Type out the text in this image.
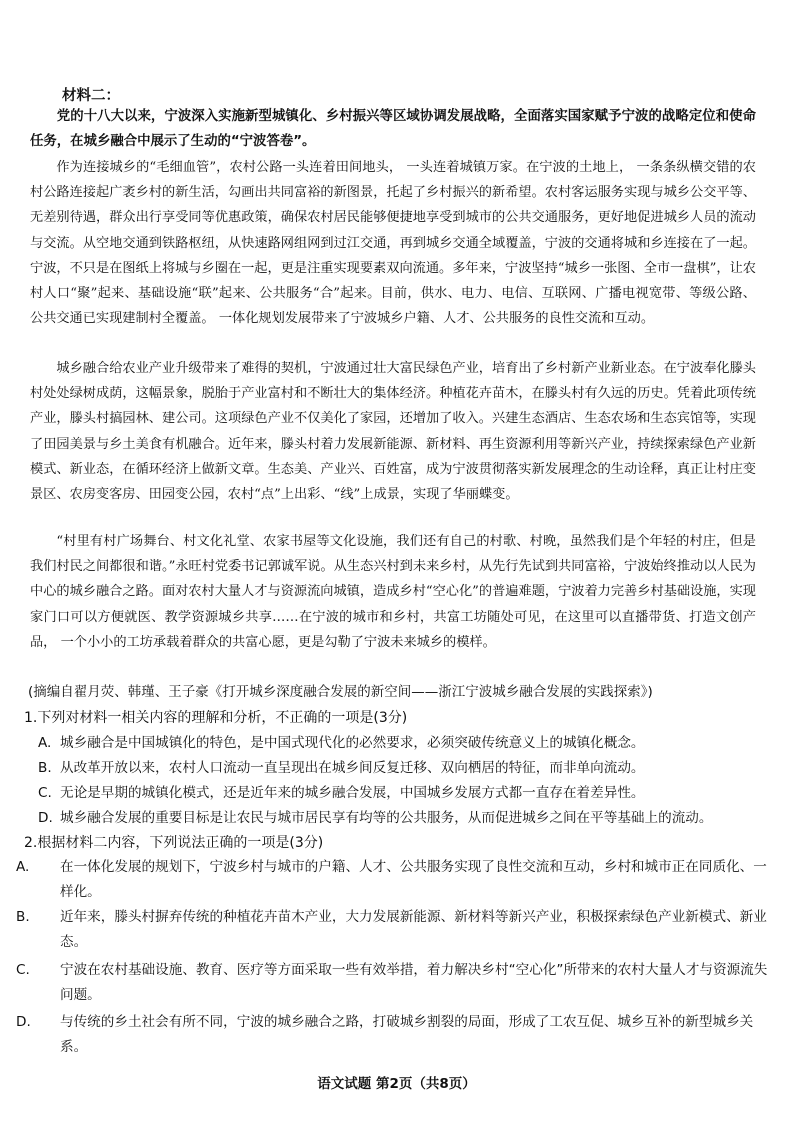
材料二：

党的十八大以来，宁波深入实施新型城镇化、乡村振兴等区域协调发展战略，全面落实国家赋予宁波的战略定位和使命任务，在城乡融合中展示了生动的“宁波答卷”。

作为连接城乡的“毛细血管”，农村公路一头连着田间地头， 一头连着城镇万家。在宁波的土地上， 一条条纵横交错的农村公路连接起广袤乡村的新生活，勾画出共同富裕的新图景，托起了乡村振兴的新希望。农村客运服务实现与城乡公交平等、无差别待遇，群众出行享受同等优惠政策，确保农村居民能够便捷地享受到城市的公共交通服务，更好地促进城乡人员的流动与交流。从空地交通到铁路枢纽，从快速路网组网到过江交通，再到城乡交通全域覆盖，宁波的交通将城和乡连接在了一起。宁波，不只是在图纸上将城与乡圈在一起，更是注重实现要素双向流通。多年来，宁波坚持“城乡一张图、全市一盘棋”，让农村人口“聚”起来、基础设施“联”起来、公共服务“合”起来。目前，供水、电力、电信、互联网、广播电视宽带、等级公路、公共交通已实现建制村全覆盖。 一体化规划发展带来了宁波城乡户籍、人才、公共服务的良性交流和互动。

城乡融合给农业产业升级带来了难得的契机，宁波通过壮大富民绿色产业，培育出了乡村新产业新业态。在宁波奉化滕头村处处绿树成荫，这幅景象，脱胎于产业富村和不断壮大的集体经济。种植花卉苗木，在滕头村有久远的历史。凭着此项传统产业，滕头村搞园林、建公司。这项绿色产业不仅美化了家园，还增加了收入。兴建生态酒店、生态农场和生态宾馆等，实现了田园美景与乡土美食有机融合。近年来，滕头村着力发展新能源、新材料、再生资源利用等新兴产业，持续探索绿色产业新模式、新业态，在循环经济上做新文章。生态美、产业兴、百姓富，成为宁波贯彻落实新发展理念的生动诠释，真正让村庄变景区、农房变客房、田园变公园，农村“点”上出彩、“线”上成景，实现了华丽蝶变。

“村里有村广场舞台、村文化礼堂、农家书屋等文化设施，我们还有自己的村歌、村晚，虽然我们是个年轻的村庄，但是我们村民之间都很和谐。”永旺村党委书记郭诚军说。从生态兴村到未来乡村，从先行先试到共同富裕，宁波始终推动以人民为中心的城乡融合之路。面对农村大量人才与资源流向城镇，造成乡村“空心化”的普遍难题，宁波着力完善乡村基础设施，实现家门口可以方便就医、教学资源城乡共享……在宁波的城市和乡村，共富工坊随处可见，在这里可以直播带货、打造文创产品， 一个小小的工坊承载着群众的共富心愿，更是勾勒了宁波未来城乡的模样。

(摘编自翟月荧、韩瑾、王子豪《打开城乡深度融合发展的新空间——浙江宁波城乡融合发展的实践探索》)
1.下列对材料一相关内容的理解和分析，不正确的一项是(3分)

A. 城乡融合是中国城镇化的特色，是中国式现代化的必然要求，必须突破传统意义上的城镇化概念。

B. 从改革开放以来，农村人口流动一直呈现出在城乡间反复迁移、双向栖居的特征，而非单向流动。

C. 无论是早期的城镇化模式，还是近年来的城乡融合发展，中国城乡发展方式都一直存在着差异性。

D. 城乡融合发展的重要目标是让农民与城市居民享有均等的公共服务，从而促进城乡之间在平等基础上的流动。

2.根据材料二内容，下列说法正确的一项是(3分)

A. 在一体化发展的规划下，宁波乡村与城市的户籍、人才、公共服务实现了良性交流和互动，乡村和城市正在同质化、一样化。

B. 近年来，滕头村摒弃传统的种植花卉苗木产业，大力发展新能源、新材料等新兴产业，积极探索绿色产业新模式、新业态。

C. 宁波在农村基础设施、教育、医疗等方面采取一些有效举措，着力解决乡村“空心化”所带来的农村大量人才与资源流失问题。

D. 与传统的乡土社会有所不同，宁波的城乡融合之路，打破城乡割裂的局面，形成了工农互促、城乡互补的新型城乡关系。

语文试题 第2页（共8页）
